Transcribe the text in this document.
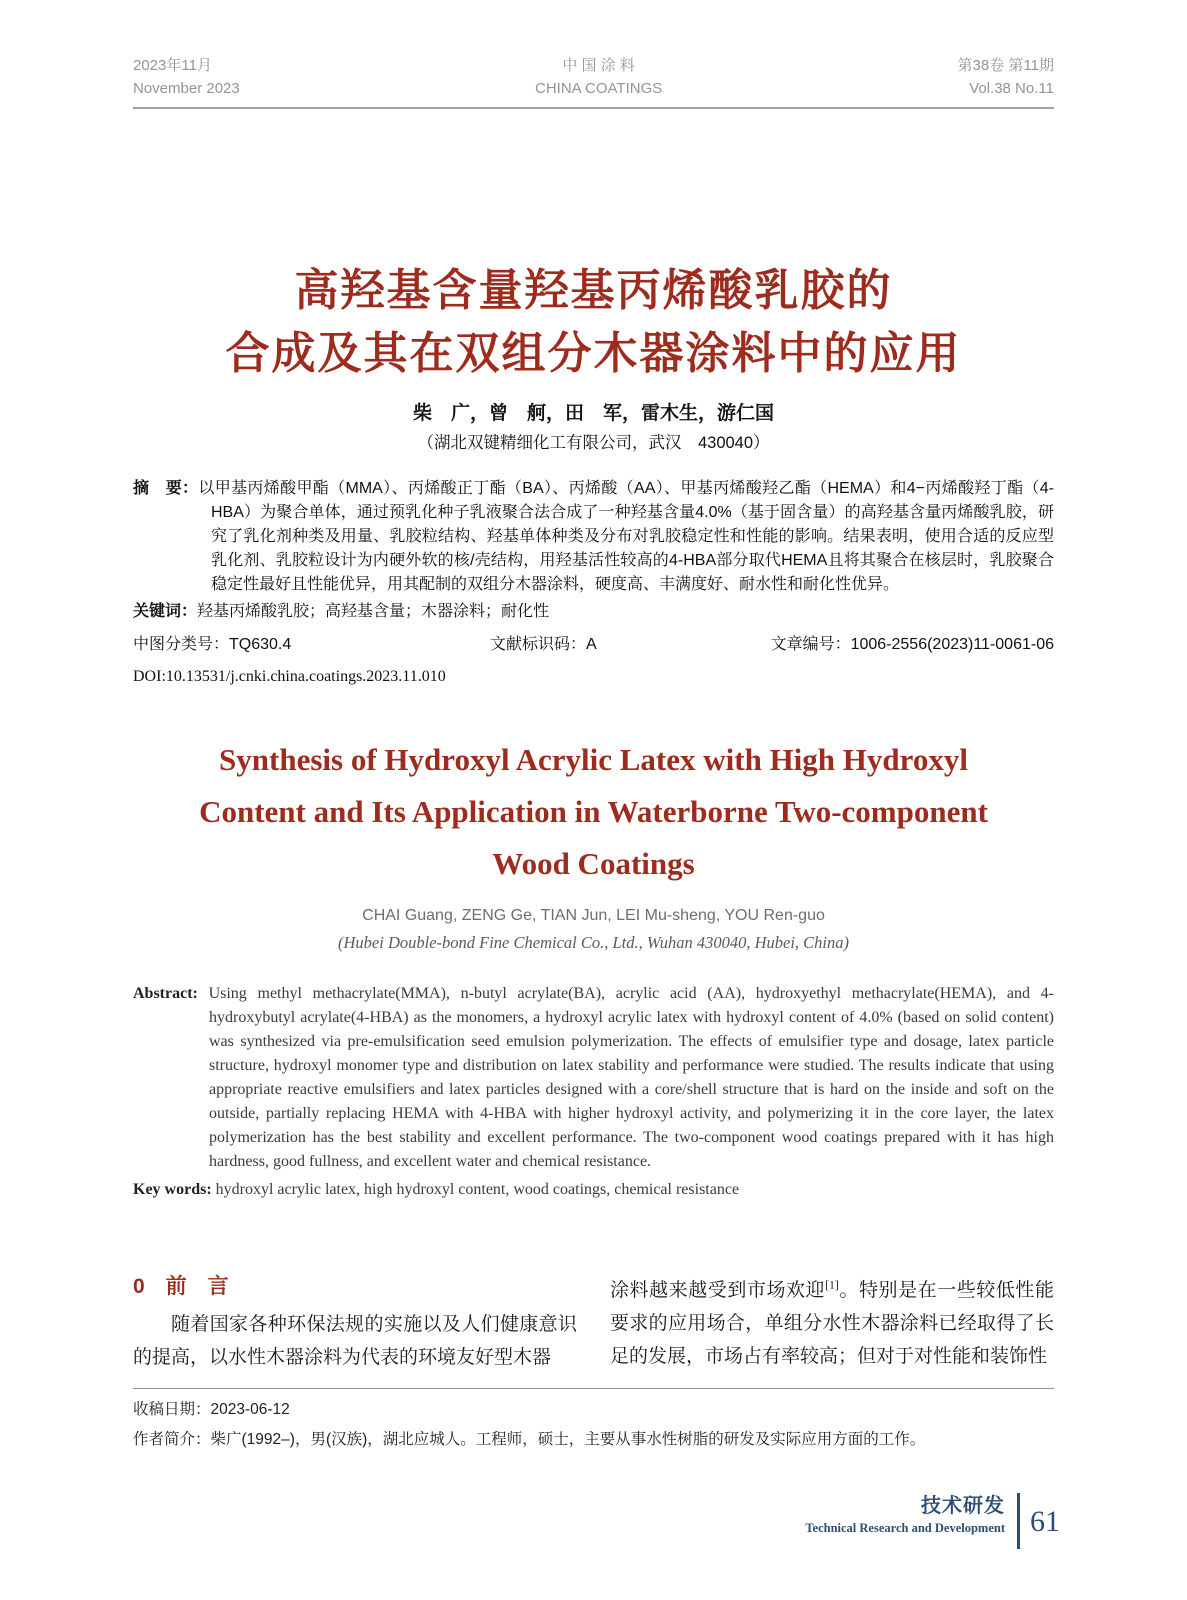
2023年11月
November 2023
中 国 涂 料
CHINA COATINGS
第38卷 第11期
Vol.38 No.11
高羟基含量羟基丙烯酸乳胶的
合成及其在双组分木器涂料中的应用
柴　广，曾　舸，田　军，雷木生，游仁国
（湖北双键精细化工有限公司，武汉　430040）

摘　要：以甲基丙烯酸甲酯（MMA）、丙烯酸正丁酯（BA）、丙烯酸（AA）、甲基丙烯酸羟乙酯（HEMA）和4−丙烯酸羟丁酯（4-HBA）为聚合单体，通过预乳化种子乳液聚合法合成了一种羟基含量4.0%（基于固含量）的高羟基含量丙烯酸乳胶，研究了乳化剂种类及用量、乳胶粒结构、羟基单体种类及分布对乳胶稳定性和性能的影响。结果表明，使用合适的反应型乳化剂、乳胶粒设计为内硬外软的核/壳结构，用羟基活性较高的4-HBA部分取代HEMA且将其聚合在核层时，乳胶聚合稳定性最好且性能优异，用其配制的双组分木器涂料，硬度高、丰满度好、耐水性和耐化性优异。

关键词：羟基丙烯酸乳胶；高羟基含量；木器涂料；耐化性

中图分类号：TQ630.4	文献标识码：A	文章编号：1006-2556(2023)11-0061-06
DOI:10.13531/j.cnki.china.coatings.2023.11.010
Synthesis of Hydroxyl Acrylic Latex with High Hydroxyl
Content and Its Application in Waterborne Two-component
Wood Coatings
CHAI Guang, ZENG Ge, TIAN Jun, LEI Mu-sheng, YOU Ren-guo
(Hubei Double-bond Fine Chemical Co., Ltd., Wuhan 430040, Hubei, China)

Abstract: Using methyl methacrylate(MMA), n-butyl acrylate(BA), acrylic acid (AA), hydroxyethyl methacrylate(HEMA), and 4-hydroxybutyl acrylate(4-HBA) as the monomers, a hydroxyl acrylic latex with hydroxyl content of 4.0% (based on solid content) was synthesized via pre-emulsification seed emulsion polymerization. The effects of emulsifier type and dosage, latex particle structure, hydroxyl monomer type and distribution on latex stability and performance were studied. The results indicate that using appropriate reactive emulsifiers and latex particles designed with a core/shell structure that is hard on the inside and soft on the outside, partially replacing HEMA with 4-HBA with higher hydroxyl activity, and polymerizing it in the core layer, the latex polymerization has the best stability and excellent performance. The two-component wood coatings prepared with it has high hardness, good fullness, and excellent water and chemical resistance.

Key words: hydroxyl acrylic latex, high hydroxyl content, wood coatings, chemical resistance

0　前　言

随着国家各种环保法规的实施以及人们健康意识的提高，以水性木器涂料为代表的环境友好型木器

涂料越来越受到市场欢迎[1]。特别是在一些较低性能要求的应用场合，单组分水性木器涂料已经取得了长足的发展，市场占有率较高；但对于对性能和装饰性

收稿日期：2023-06-12
作者简介：柴广(1992–)，男(汉族)，湖北应城人。工程师，硕士，主要从事水性树脂的研发及实际应用方面的工作。
技术研发
Technical Research and Development 61
